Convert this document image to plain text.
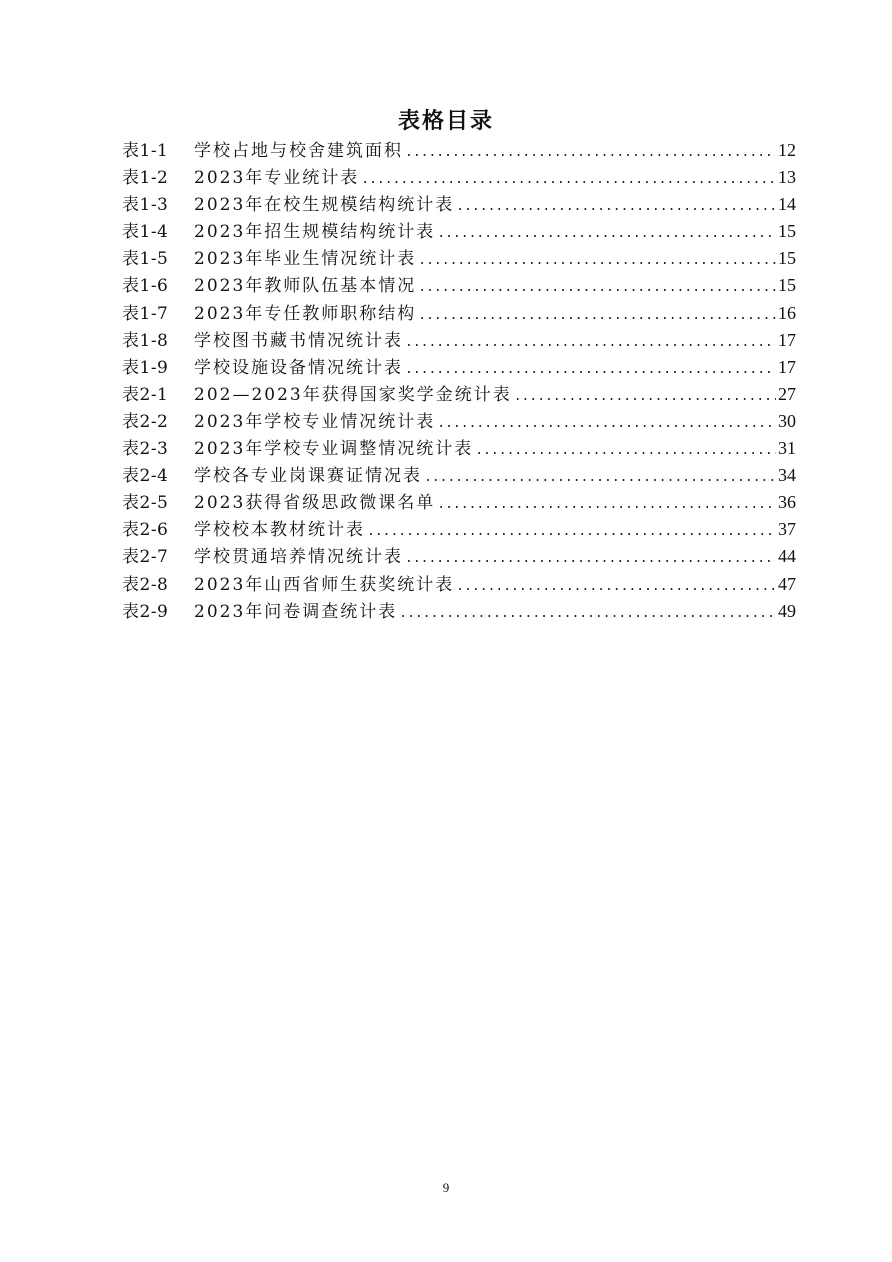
表格目录
表1-1	学校占地与校舍建筑面积 .....	12
表1-2	2023年专业统计表 .....	13
表1-3	2023年在校生规模结构统计表 .....	14
表1-4	2023年招生规模结构统计表 .....	15
表1-5	2023年毕业生情况统计表 .....	15
表1-6	2023年教师队伍基本情况 .....	15
表1-7	2023年专任教师职称结构 .....	16
表1-8	学校图书藏书情况统计表 .....	17
表1-9	学校设施设备情况统计表 .....	17
表2-1	202—2023年获得国家奖学金统计表 .....	27
表2-2	2023年学校专业情况统计表 .....	30
表2-3	2023年学校专业调整情况统计表 .....	31
表2-4	学校各专业岗课赛证情况表 .....	34
表2-5	2023获得省级思政微课名单 .....	36
表2-6	学校校本教材统计表 .....	37
表2-7	学校贯通培养情况统计表 .....	44
表2-8	2023年山西省师生获奖统计表 .....	47
表2-9	2023年问卷调查统计表 .....	49
9
